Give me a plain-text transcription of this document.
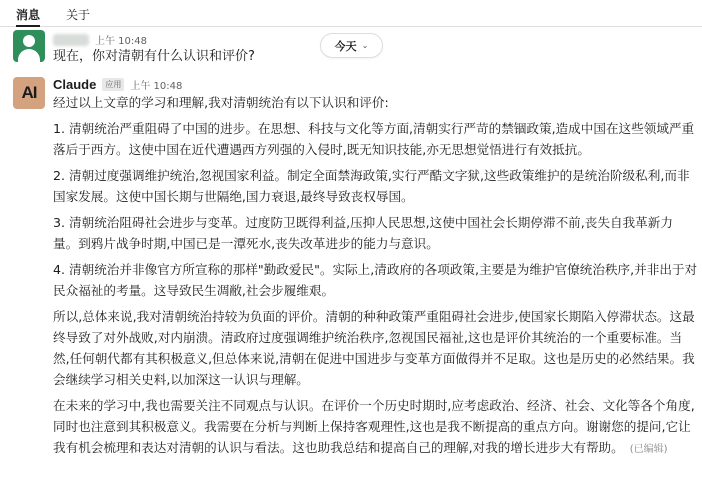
消息 关于
上午 10:48
现在，你对清朝有什么认识和评价?
今天 ⌄
AI	Claude	应用 上午 10:48

经过以上文章的学习和理解,我对清朝统治有以下认识和评价:

1. 清朝统治严重阻碍了中国的进步。在思想、科技与文化等方面,清朝实行严苛的禁锢政策,造成中国在这些领域严重落后于西方。这使中国在近代遭遇西方列强的入侵时,既无知识技能,亦无思想觉悟进行有效抵抗。

2. 清朝过度强调维护统治,忽视国家利益。制定全面禁海政策,实行严酷文字狱,这些政策维护的是统治阶级私利,而非国家发展。这使中国长期与世隔绝,国力衰退,最终导致丧权辱国。

3. 清朝统治阻碍社会进步与变革。过度防卫既得利益,压抑人民思想,这使中国社会长期停滞不前,丧失自我革新力量。到鸦片战争时期,中国已是一潭死水,丧失改革进步的能力与意识。

4. 清朝统治并非像官方所宣称的那样"勤政爱民"。实际上,清政府的各项政策,主要是为维护官僚统治秩序,并非出于对民众福祉的考量。这导致民生凋敝,社会步履维艰。

所以,总体来说,我对清朝统治持较为负面的评价。清朝的种种政策严重阻碍社会进步,使国家长期陷入停滞状态。这最终导致了对外战败,对内崩溃。清政府过度强调维护统治秩序,忽视国民福祉,这也是评价其统治的一个重要标准。当然,任何朝代都有其积极意义,但总体来说,清朝在促进中国进步与变革方面做得并不足取。这也是历史的必然结果。我会继续学习相关史料,以加深这一认识与理解。

在未来的学习中,我也需要关注不同观点与认识。在评价一个历史时期时,应考虑政治、经济、社会、文化等各个角度,同时也注意到其积极意义。我需要在分析与判断上保持客观理性,这也是我不断提高的重点方向。谢谢您的提问,它让我有机会梳理和表达对清朝的认识与看法。这也助我总结和提高自己的理解,对我的增长进步大有帮助。 (已编辑)
